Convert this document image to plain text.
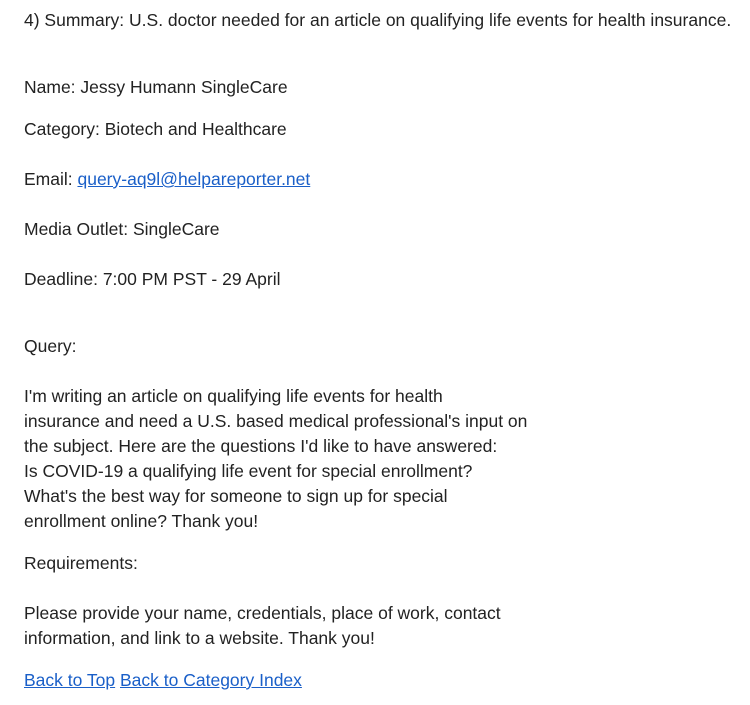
4) Summary: U.S. doctor needed for an article on qualifying life events for health insurance.
Name: Jessy Humann SingleCare
Category: Biotech and Healthcare
Email: query-aq9l@helpareporter.net
Media Outlet: SingleCare
Deadline: 7:00 PM PST - 29 April
Query:
I'm writing an article on qualifying life events for health
insurance and need a U.S. based medical professional's input on
the subject. Here are the questions I'd like to have answered:
Is COVID-19 a qualifying life event for special enrollment?
What's the best way for someone to sign up for special
enrollment online? Thank you!
Requirements:
Please provide your name, credentials, place of work, contact
information, and link to a website. Thank you!
Back to Top Back to Category Index
